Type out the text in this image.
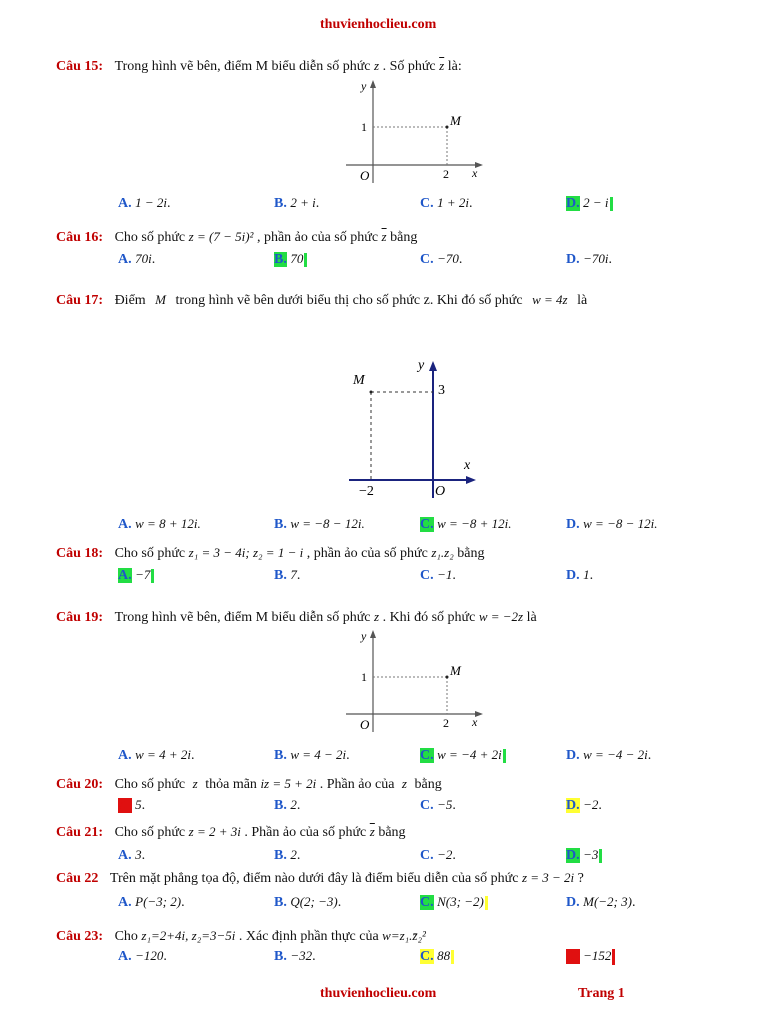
thuvienhoclieu.com
Câu 15: Trong hình vẽ bên, điểm M biểu diễn số phức z . Số phức $\overline{z}$ là:
y
x
O
1
2
M
A. 1 − 2i.	B. 2 + i.	C. 1 + 2i.	D. 2 − i
Câu 16: Cho số phức z = (7 − 5i)² , phần ảo của số phức $\overline{z}$ bằng
A. 70i.	B. 70	C. −70.	D. −70i.
Câu 17: Điểm M trong hình vẽ bên dưới biểu thị cho số phức z. Khi đó số phức w = 4z là
M
y
x
3
−2	O
A. w = 8 + 12i.	B. w = −8 − 12i.	C. w = −8 + 12i.	D. w = −8 − 12i.
Câu 18: Cho số phức z₁ = 3 − 4i; z₂ = 1 − i , phần ảo của số phức z₁.z₂ bằng
A. −7	B. 7.	C. −1.	D. 1.
Câu 19: Trong hình vẽ bên, điểm M biểu diễn số phức z . Khi đó số phức w = −2z là
y
x
O
1
2
M
A. w = 4 + 2i.	B. w = 4 − 2i.	C. w = −4 + 2i	D. w = −4 − 2i.
Câu 20: Cho số phức z thỏa mãn iz = 5 + 2i . Phần ảo của z bằng
A. 5.	B. 2.	C. −5.	D. −2.
Câu 21: Cho số phức z = 2 + 3i . Phần ảo của số phức $\overline{z}$ bằng
A. 3.	B. 2.	C. −2.	D. −3
Câu 22 Trên mặt phẳng tọa độ, điểm nào dưới đây là điểm biểu diễn của số phức z = 3 − 2i ?
A. P(−3; 2).	B. Q(2; −3).	C. N(3; −2)	D. M(−2; 3).
Câu 23: Cho z₁=2+4i, z₂=3−5i . Xác định phần thực của w=z₁.z̄₂²
A. −120.	B. −32.	C. 88	D. −152
thuvienhoclieu.com	Trang 1
